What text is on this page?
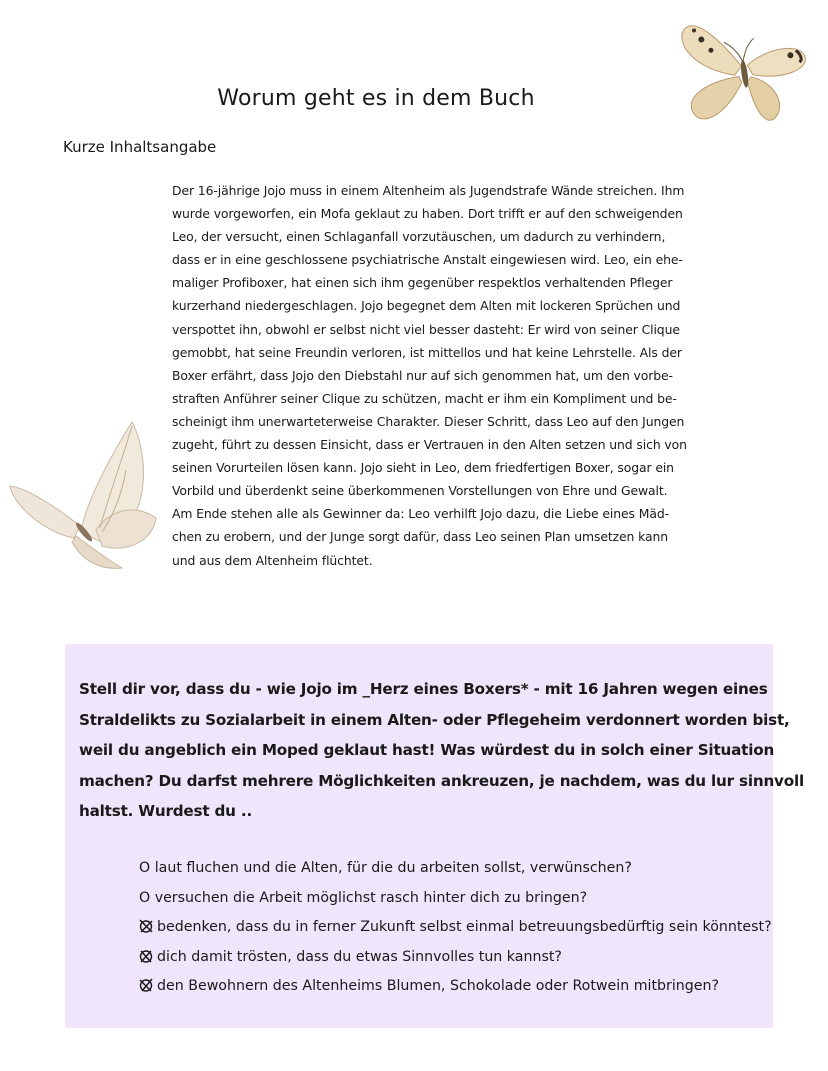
Worum geht es in dem Buch
Kurze Inhaltsangabe
Der 16-jährige Jojo muss in einem Altenheim als Jugendstrafe Wände streichen. Ihm
wurde vorgeworfen, ein Mofa geklaut zu haben. Dort trifft er auf den schweigenden
Leo, der versucht, einen Schlaganfall vorzutäuschen, um dadurch zu verhindern,
dass er in eine geschlossene psychiatrische Anstalt eingewiesen wird. Leo, ein ehe-
maliger Profiboxer, hat einen sich ihm gegenüber respektlos verhaltenden Pfleger
kurzerhand niedergeschlagen. Jojo begegnet dem Alten mit lockeren Sprüchen und
verspottet ihn, obwohl er selbst nicht viel besser dasteht: Er wird von seiner Clique
gemobbt, hat seine Freundin verloren, ist mittellos und hat keine Lehrstelle. Als der
Boxer erfährt, dass Jojo den Diebstahl nur auf sich genommen hat, um den vorbe-
straften Anführer seiner Clique zu schützen, macht er ihm ein Kompliment und be-
scheinigt ihm unerwarteterweise Charakter. Dieser Schritt, dass Leo auf den Jungen
zugeht, führt zu dessen Einsicht, dass er Vertrauen in den Alten setzen und sich von
seinen Vorurteilen lösen kann. Jojo sieht in Leo, dem friedfertigen Boxer, sogar ein
Vorbild und überdenkt seine überkommenen Vorstellungen von Ehre und Gewalt.
Am Ende stehen alle als Gewinner da: Leo verhilft Jojo dazu, die Liebe eines Mäd-
chen zu erobern, und der Junge sorgt dafür, dass Leo seinen Plan umsetzen kann
und aus dem Altenheim flüchtet.
Stell dir vor, dass du - wie Jojo im _Herz eines Boxers* - mit 16 Jahren wegen eines
Straldelikts zu Sozialarbeit in einem Alten- oder Pflegeheim verdonnert worden bist,
weil du angeblich ein Moped geklaut hast! Was würdest du in solch einer Situation
machen? Du darfst mehrere Möglichkeiten ankreuzen, je nachdem, was du lur sinnvoll
haltst. Wurdest du ..
O laut fluchen und die Alten, für die du arbeiten sollst, verwünschen?
O versuchen die Arbeit möglichst rasch hinter dich zu bringen?
bedenken, dass du in ferner Zukunft selbst einmal betreuungsbedürftig sein könntest?
dich damit trösten, dass du etwas Sinnvolles tun kannst?
den Bewohnern des Altenheims Blumen, Schokolade oder Rotwein mitbringen?
